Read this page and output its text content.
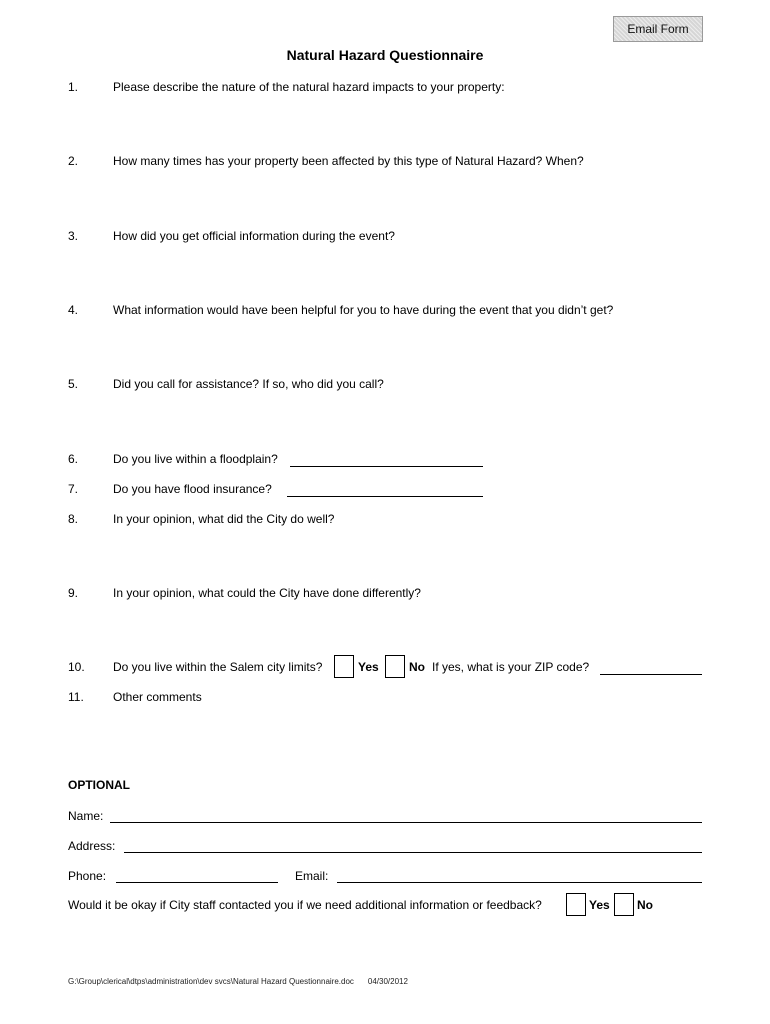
Email Form
Natural Hazard Questionnaire
1.	Please describe the nature of the natural hazard impacts to your property:
2.	How many times has your property been affected by this type of Natural Hazard? When?
3.	How did you get official information during the event?
4.	What information would have been helpful for you to have during the event that you didn’t get?
5.	Did you call for assistance? If so, who did you call?
6.	Do you live within a floodplain?
7.	Do you have flood insurance?
8.	In your opinion, what did the City do well?
9.	In your opinion, what could the City have done differently?
10. Do you live within the Salem city limits?	Yes	No If yes, what is your ZIP code?
11. Other comments
OPTIONAL
Name:
Address:
Phone:	Email:
Would it be okay if City staff contacted you if we need additional information or feedback?	Yes No
G:\Group\clerical\dtps\administration\dev svcs\Natural Hazard Questionnaire.doc 04/30/2012
